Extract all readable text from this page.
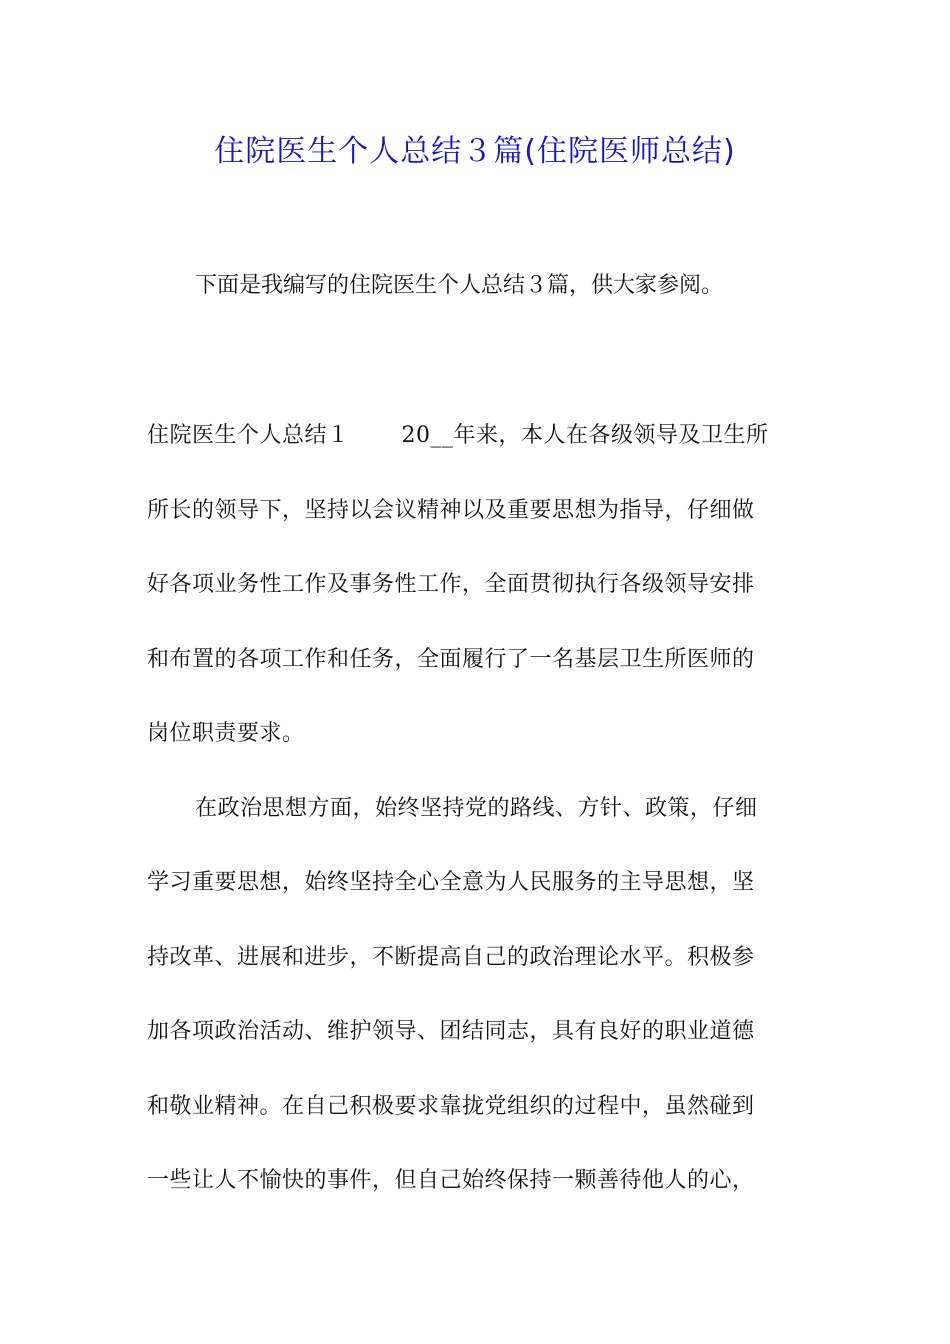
住院医生个人总结３篇(住院医师总结)

下面是我编写的住院医生个人总结３篇，供大家参阅。

住院医生个人总结１ 20__年来，本人在各级领导及卫生所
所长的领导下，坚持以会议精神以及重要思想为指导，仔细做
好各项业务性工作及事务性工作，全面贯彻执行各级领导安排
和布置的各项工作和任务，全面履行了一名基层卫生所医师的
岗位职责要求。
在政治思想方面，始终坚持党的路线、方针、政策，仔细
学习重要思想，始终坚持全心全意为人民服务的主导思想，坚
持改革、进展和进步，不断提高自己的政治理论水平。积极参
加各项政治活动、维护领导、团结同志，具有良好的职业道德
和敬业精神。在自己积极要求靠拢党组织的过程中，虽然碰到
一些让人不愉快的事件，但自己始终保持一颗善待他人的心，
